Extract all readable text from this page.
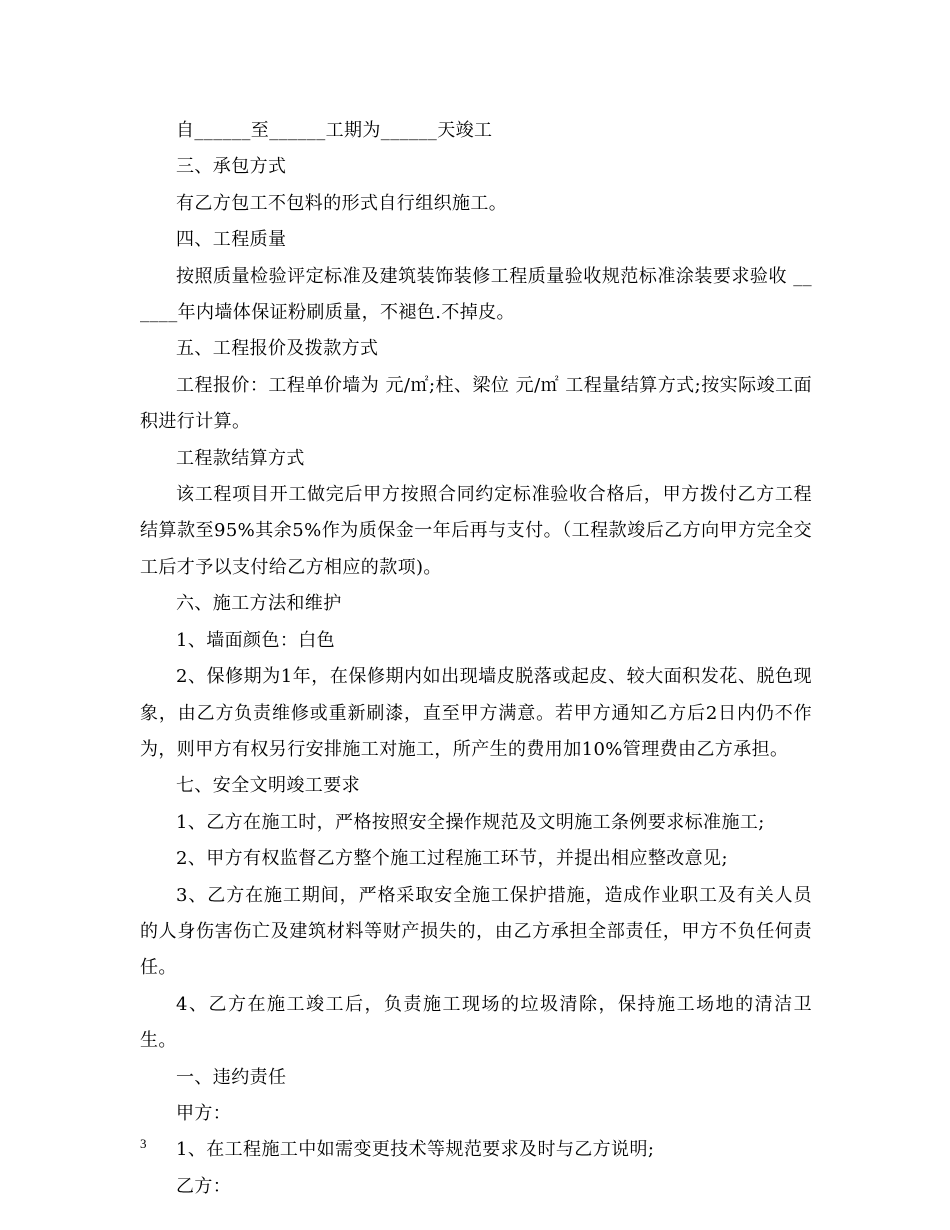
自______至______工期为______天竣工

三、承包方式

有乙方包工不包料的形式自行组织施工。

四、工程质量

按照质量检验评定标准及建筑装饰装修工程质量验收规范标准涂装要求验收 ______年内墙体保证粉刷质量，不褪色.不掉皮。

五、工程报价及拨款方式

工程报价：工程单价墙为 元/㎡;柱、梁位 元/㎡ 工程量结算方式;按实际竣工面积进行计算。

工程款结算方式

该工程项目开工做完后甲方按照合同约定标准验收合格后，甲方拨付乙方工程结算款至95%其余5%作为质保金一年后再与支付。（工程款竣后乙方向甲方完全交工后才予以支付给乙方相应的款项)。

六、施工方法和维护

1、墙面颜色：白色

2、保修期为1年，在保修期内如出现墙皮脱落或起皮、较大面积发花、脱色现象，由乙方负责维修或重新刷漆，直至甲方满意。若甲方通知乙方后2日内仍不作为，则甲方有权另行安排施工对施工，所产生的费用加10%管理费由乙方承担。

七、安全文明竣工要求

1、乙方在施工时，严格按照安全操作规范及文明施工条例要求标准施工;

2、甲方有权监督乙方整个施工过程施工环节，并提出相应整改意见;

3、乙方在施工期间，严格采取安全施工保护措施，造成作业职工及有关人员的人身伤害伤亡及建筑材料等财产损失的，由乙方承担全部责任，甲方不负任何责任。

4、乙方在施工竣工后，负责施工现场的垃圾清除，保持施工场地的清洁卫生。

一、违约责任

甲方：

1、在工程施工中如需变更技术等规范要求及时与乙方说明;

乙方：

3
